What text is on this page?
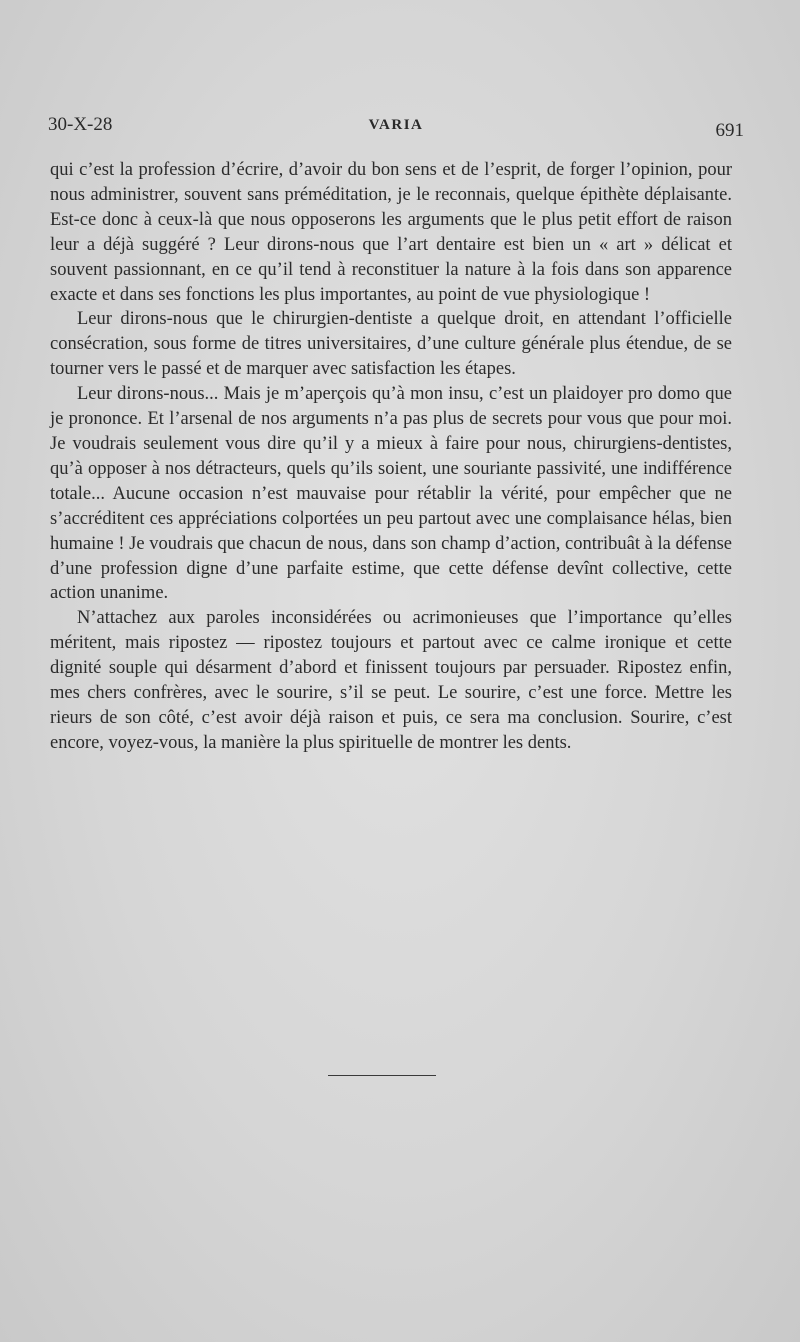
30-X-28	VARIA	691

qui c’est la profession d’écrire, d’avoir du bon sens et de l’esprit, de forger l’opinion, pour nous administrer, souvent sans préméditation, je le reconnais, quelque épithète déplaisante. Est-ce donc à ceux-là que nous opposerons les arguments que le plus petit effort de raison leur a déjà suggéré ? Leur dirons-nous que l’art dentaire est bien un « art » délicat et souvent passionnant, en ce qu’il tend à reconstituer la nature à la fois dans son apparence exacte et dans ses fonctions les plus importantes, au point de vue physiologique !

Leur dirons-nous que le chirurgien-dentiste a quelque droit, en attendant l’officielle consécration, sous forme de titres universitaires, d’une culture générale plus étendue, de se tourner vers le passé et de marquer avec satisfaction les étapes.

Leur dirons-nous... Mais je m’aperçois qu’à mon insu, c’est un plaidoyer pro domo que je prononce. Et l’arsenal de nos arguments n’a pas plus de secrets pour vous que pour moi. Je voudrais seulement vous dire qu’il y a mieux à faire pour nous, chirurgiens-dentistes, qu’à opposer à nos détracteurs, quels qu’ils soient, une souriante passivité, une indifférence totale... Aucune occasion n’est mauvaise pour rétablir la vérité, pour empêcher que ne s’accréditent ces appréciations colportées un peu partout avec une complaisance hélas, bien humaine ! Je voudrais que chacun de nous, dans son champ d’action, contribuât à la défense d’une profession digne d’une parfaite estime, que cette défense devînt collective, cette action unanime.

N’attachez aux paroles inconsidérées ou acrimonieuses que l’importance qu’elles méritent, mais ripostez — ripostez toujours et partout avec ce calme ironique et cette dignité souple qui désarment d’abord et finissent toujours par persuader. Ripostez enfin, mes chers confrères, avec le sourire, s’il se peut. Le sourire, c’est une force. Mettre les rieurs de son côté, c’est avoir déjà raison et puis, ce sera ma conclusion. Sourire, c’est encore, voyez-vous, la manière la plus spirituelle de montrer les dents.
